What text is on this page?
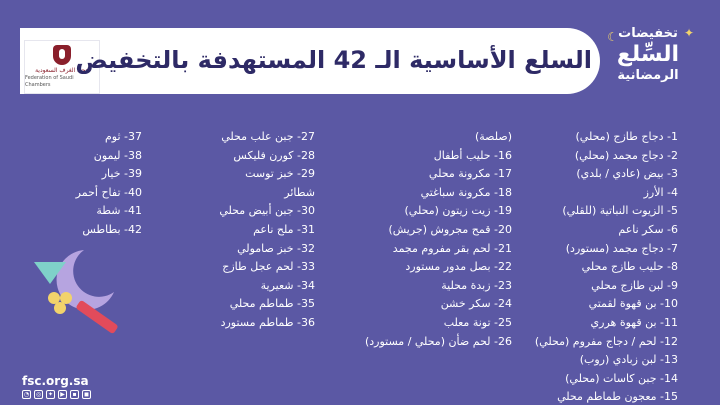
اتحاد الغرف السعودية
Federation of Saudi Chambers
السلع الأساسية الـ 42 المستهدفة بالتخفيض
✦
☾ تخفيضات
السِّلع
الرمضانية
1- دجاج طازج (محلي)
2- دجاج مجمد (محلي)
3- بيض (عادي / بلدي)
4- الأرز
5- الزيوت النباتية (للقلي)
6- سكر ناعم
7- دجاج مجمد (مستورد)
8- حليب طازج محلي
9- لبن طازج محلي
10- بن قهوة لقمتي
11- بن قهوة هرري
12- لحم / دجاج مفروم (محلي)
13- لبن زبادي (روب)
14- جبن كاسات (محلي)
15- معجون طماطم محلي
(صلصة)
16- حليب أطفال
17- مكرونة محلي
18- مكرونة سباغتي
19- زيت زيتون (محلي)
20- قمح مجروش (جريش)
21- لحم بقر مفروم مجمد
22- بصل مدور مستورد
23- زبدة محلية
24- سكر خشن
25- تونة معلب
26- لحم ضأن (محلي / مستورد)
27- جبن علب محلي
28- كورن فليكس
29- خبز توست
شطائر
30- جبن أبيض محلي
31- ملح ناعم
32- خبز صامولي
33- لحم عجل طازج
34- شعيرية
35- طماطم محلي
36- طماطم مستورد
37- ثوم
38- ليمون
39- خيار
40- تفاح أحمر
41- شطة
42- بطاطس
fsc.org.sa
◔	◎	✦	▶	▪	◼
